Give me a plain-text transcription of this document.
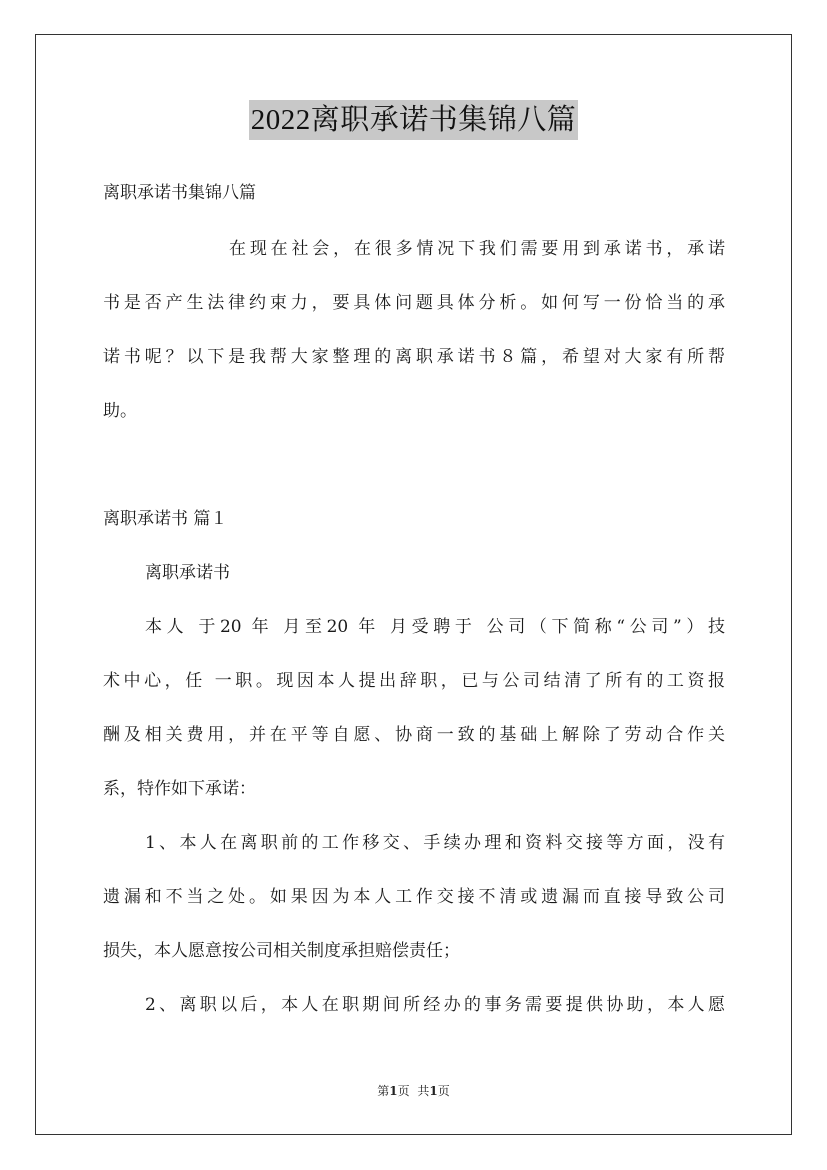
2022离职承诺书集锦八篇
离职承诺书集锦八篇
在现在社会，在很多情况下我们需要用到承诺书，承诺
书是否产生法律约束力，要具体问题具体分析。如何写一份恰当的承
诺书呢？以下是我帮大家整理的离职承诺书８篇，希望对大家有所帮
助。
离职承诺书 篇１
离职承诺书
本人 于20 年 月至20 年 月受聘于 公司（下简称“公司”）技
术中心，任 一职。现因本人提出辞职，已与公司结清了所有的工资报
酬及相关费用，并在平等自愿、协商一致的基础上解除了劳动合作关
系，特作如下承诺：
1、本人在离职前的工作移交、手续办理和资料交接等方面，没有
遗漏和不当之处。如果因为本人工作交接不清或遗漏而直接导致公司
损失，本人愿意按公司相关制度承担赔偿责任；
2、离职以后，本人在职期间所经办的事务需要提供协助，本人愿
第1页 共1页
